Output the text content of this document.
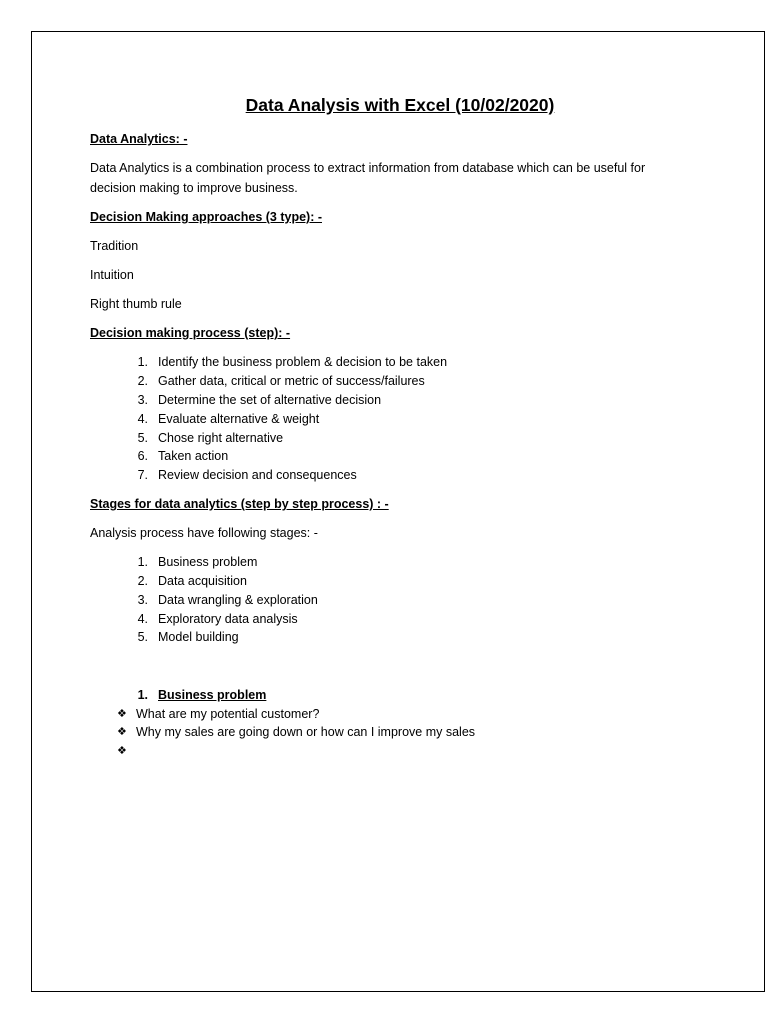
Data Analysis with Excel (10/02/2020)
Data Analytics: -
Data Analytics is a combination process to extract information from database which can be useful for
decision making to improve business.
Decision Making approaches (3 type): -
Tradition
Intuition
Right thumb rule
Decision making process (step): -
1. Identify the business problem & decision to be taken
2. Gather data, critical or metric of success/failures
3. Determine the set of alternative decision
4. Evaluate alternative & weight
5. Chose right alternative
6. Taken action
7. Review decision and consequences
Stages for data analytics (step by step process) : -
Analysis process have following stages: -
1. Business problem
2. Data acquisition
3. Data wrangling & exploration
4. Exploratory data analysis
5. Model building
1. Business problem
❖ What are my potential customer?
❖ Why my sales are going down or how can I improve my sales
❖
